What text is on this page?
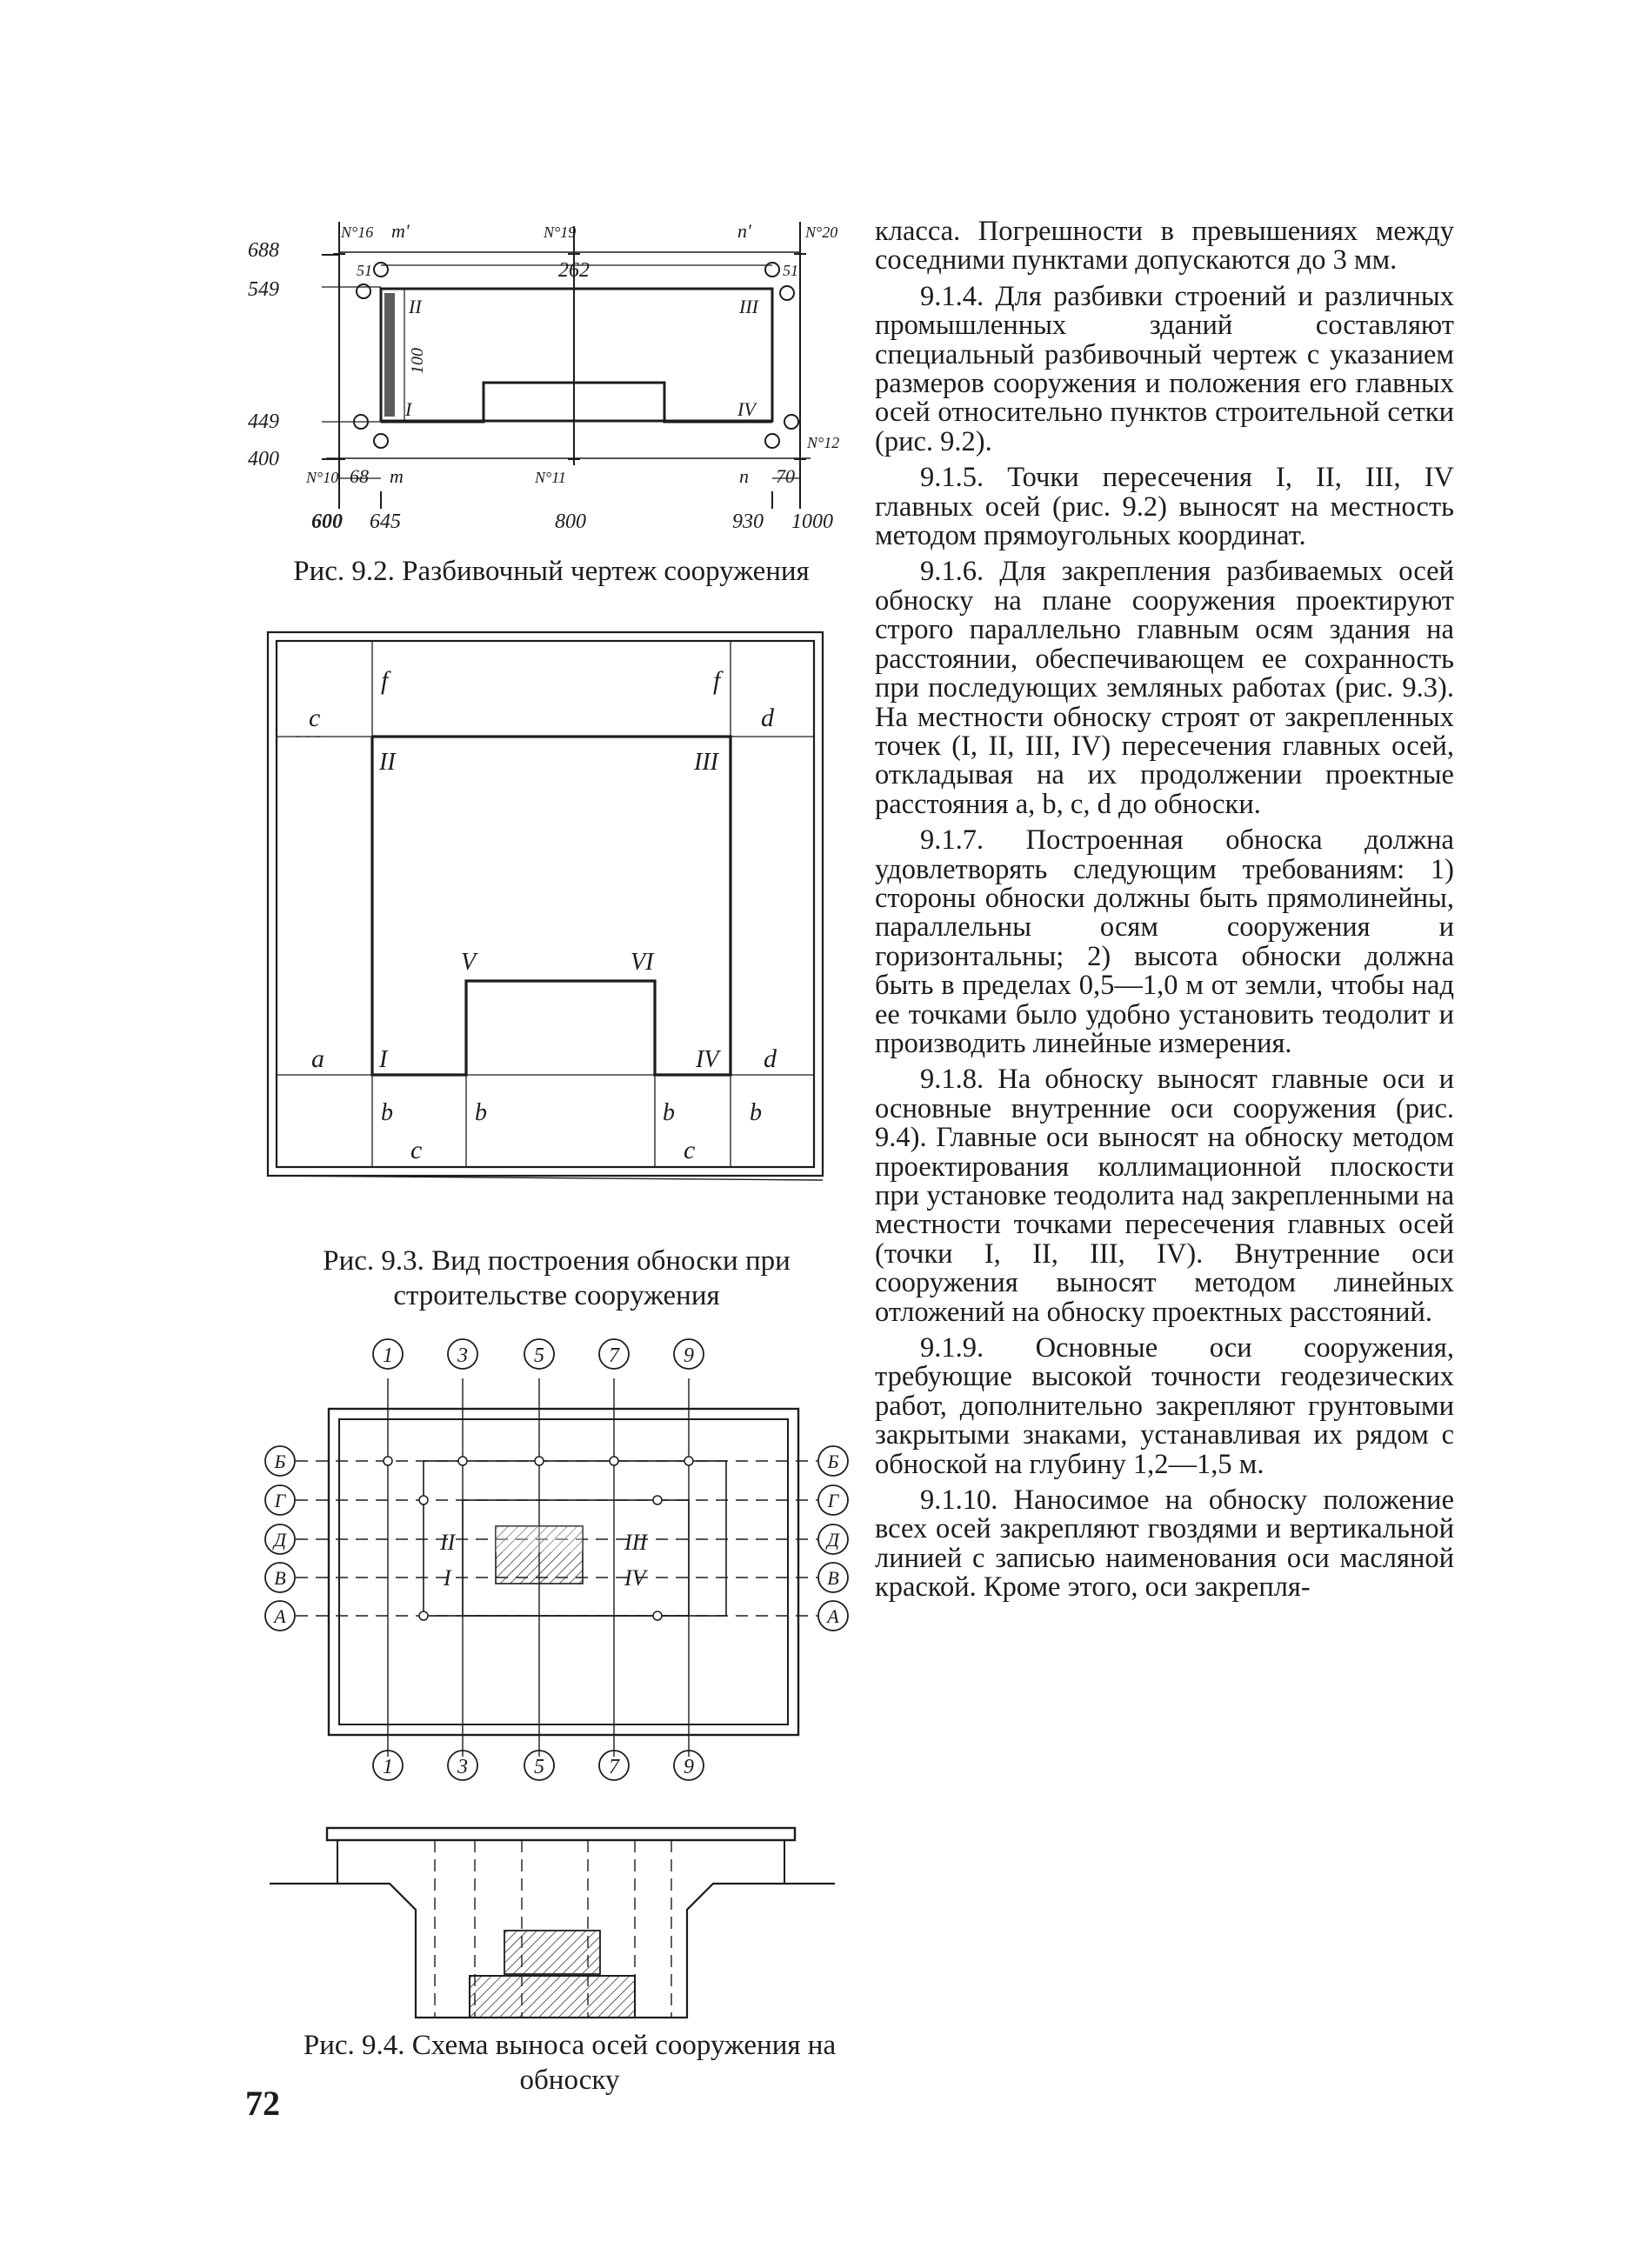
688
549
449
400
N°16 m'	N°19	n'	N°20
51	262	51
100
II	III
I	IV
N°12
N°10 68 m	N°11	n 70
600 645	800	930 1000
Рис. 9.2. Разбивочный чертеж сооружения
f	f
c	d
II	III
V	VI
I	IV
a	d
b	b	b	b
c	c
Рис. 9.3. Вид построения обноски при строительстве сооружения
1	3	5	7	9
1	3	5	7	9
Б
Г
Д
В
А
Б
Г
Д
В
А
II	III
I	IV
Рис. 9.4. Схема выноса осей сооружения на обноску

класса. Погрешности в превышениях между соседними пунктами допускаются до 3 мм.

9.1.4. Для разбивки строений и различных промышленных зданий составляют специальный разбивочный чертеж с указанием размеров сооружения и положения его главных осей относительно пунктов строительной сетки (рис. 9.2).

9.1.5. Точки пересечения I, II, III, IV главных осей (рис. 9.2) выносят на местность методом прямоугольных координат.

9.1.6. Для закрепления разбиваемых осей обноску на плане сооружения проектируют строго параллельно главным осям здания на расстоянии, обеспечивающем ее сохранность при последующих земляных работах (рис. 9.3). На местности обноску строят от закрепленных точек (I, II, III, IV) пересечения главных осей, откладывая на их продолжении проектные расстояния a, b, c, d до обноски.

9.1.7. Построенная обноска должна удовлетворять следующим требованиям: 1) стороны обноски должны быть прямолинейны, параллельны осям сооружения и горизонтальны; 2) высота обноски должна быть в пределах 0,5—1,0 м от земли, чтобы над ее точками было удобно установить теодолит и производить линейные измерения.

9.1.8. На обноску выносят главные оси и основные внутренние оси сооружения (рис. 9.4). Главные оси выносят на обноску методом проектирования коллимационной плоскости при установке теодолита над закрепленными на местности точками пересечения главных осей (точки I, II, III, IV). Внутренние оси сооружения выносят методом линейных отложений на обноску проектных расстояний.

9.1.9. Основные оси сооружения, требующие высокой точности геодезических работ, дополнительно закрепляют грунтовыми закрытыми знаками, устанавливая их рядом с обноской на глубину 1,2—1,5 м.

9.1.10. Наносимое на обноску положение всех осей закрепляют гвоздями и вертикальной линией с записью наименования оси масляной краской. Кроме этого, оси закрепля-

72
